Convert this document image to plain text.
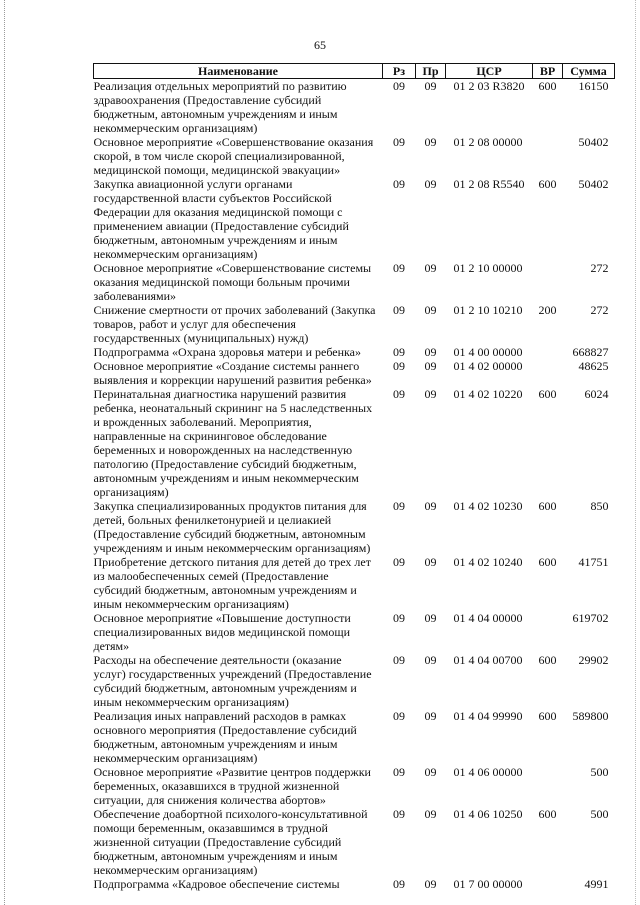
65
Наименование	Рз	Пр	ЦСР	ВР	Сумма
Реализация отдельных мероприятий по развитию здравоохранения (Предоставление субсидий бюджетным, автономным учреждениям и иным некоммерческим организациям)	09	09	01 2 03 R3820	600	16150
Основное мероприятие «Совершенствование оказания скорой, в том числе скорой специализированной, медицинской помощи, медицинской эвакуации»	09	09	01 2 08 00000		50402
Закупка авиационной услуги органами государственной власти субъектов Российской Федерации для оказания медицинской помощи с применением авиации (Предоставление субсидий бюджетным, автономным учреждениям и иным некоммерческим организациям)	09	09	01 2 08 R5540	600	50402
Основное мероприятие «Совершенствование системы оказания медицинской помощи больным прочими заболеваниями»	09	09	01 2 10 00000		272
Снижение смертности от прочих заболеваний (Закупка товаров, работ и услуг для обеспечения государственных (муниципальных) нужд)	09	09	01 2 10 10210	200	272
Подпрограмма «Охрана здоровья матери и ребенка»	09	09	01 4 00 00000		668827
Основное мероприятие «Создание системы раннего выявления и коррекции нарушений развития ребенка»	09	09	01 4 02 00000		48625
Перинатальная диагностика нарушений развития ребенка, неонатальный скрининг на 5 наследственных и врожденных заболеваний. Мероприятия, направленные на скрининговое обследование беременных и новорожденных на наследственную патологию (Предоставление субсидий бюджетным, автономным учреждениям и иным некоммерческим организациям)	09	09	01 4 02 10220	600	6024
Закупка специализированных продуктов питания для детей, больных фенилкетонурией и целиакией (Предоставление субсидий бюджетным, автономным учреждениям и иным некоммерческим организациям)	09	09	01 4 02 10230	600	850
Приобретение детского питания для детей до трех лет из малообеспеченных семей (Предоставление субсидий бюджетным, автономным учреждениям и иным некоммерческим организациям)	09	09	01 4 02 10240	600	41751
Основное мероприятие «Повышение доступности специализированных видов медицинской помощи детям»	09	09	01 4 04 00000		619702
Расходы на обеспечение деятельности (оказание услуг) государственных учреждений (Предоставление субсидий бюджетным, автономным учреждениям и иным некоммерческим организациям)	09	09	01 4 04 00700	600	29902
Реализация иных направлений расходов в рамках основного мероприятия (Предоставление субсидий бюджетным, автономным учреждениям и иным некоммерческим организациям)	09	09	01 4 04 99990	600	589800
Основное мероприятие «Развитие центров поддержки беременных, оказавшихся в трудной жизненной ситуации, для снижения количества абортов»	09	09	01 4 06 00000		500
Обеспечение доабортной психолого-консультативной помощи беременным, оказавшимся в трудной жизненной ситуации (Предоставление субсидий бюджетным, автономным учреждениям и иным некоммерческим организациям)	09	09	01 4 06 10250	600	500
Подпрограмма «Кадровое обеспечение системы	09	09	01 7 00 00000		4991
